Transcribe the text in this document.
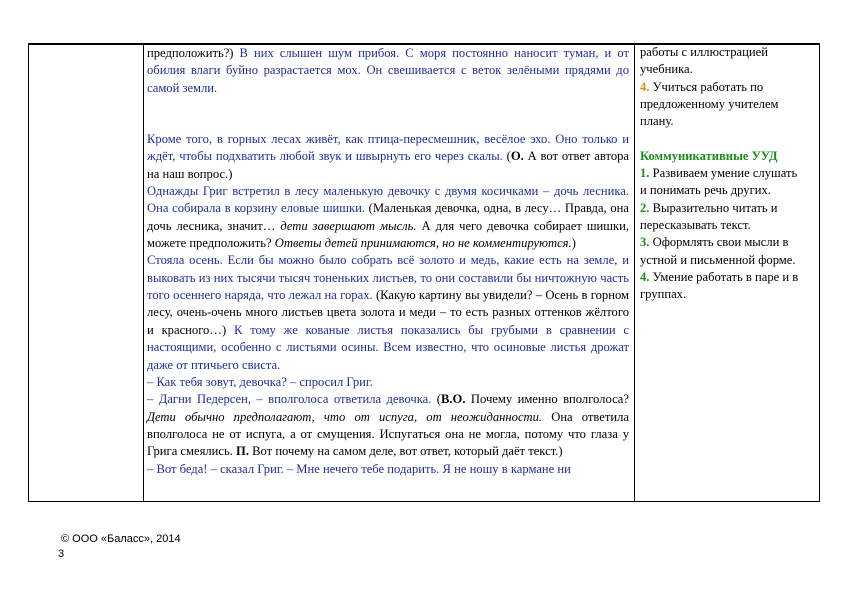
предположить?) В них слышен шум прибоя. С моря постоянно наносит туман, и от обилия влаги буйно разрастается мох. Он свешивается с веток зелёными прядями до самой земли.

Кроме того, в горных лесах живёт, как птица-пересмешник, весёлое эхо. Оно только и ждёт, чтобы подхватить любой звук и швырнуть его через скалы. (О. А вот ответ автора на наш вопрос.)

Однажды Григ встретил в лесу маленькую девочку с двумя косичками – дочь лесника. Она собирала в корзину еловые шишки. (Маленькая девочка, одна, в лесу… Правда, она дочь лесника, значит… дети завершают мысль. А для чего девочка собирает шишки, можете предположить? Ответы детей принимаются, но не комментируются.)

Стояла осень. Если бы можно было собрать всё золото и медь, какие есть на земле, и выковать из них тысячи тысяч тоненьких листьев, то они составили бы ничтожную часть того осеннего наряда, что лежал на горах. (Какую картину вы увидели? – Осень в горном лесу, очень-очень много листьев цвета золота и меди – то есть разных оттенков жёлтого и красного…) К тому же кованые листья показались бы грубыми в сравнении с настоящими, особенно с листьями осины. Всем известно, что осиновые листья дрожат даже от птичьего свиста.

– Как тебя зовут, девочка? – спросил Григ.

– Дагни Педерсен, – вполголоса ответила девочка. (В.О. Почему именно вполголоса? Дети обычно предполагают, что от испуга, от неожиданности. Она ответила вполголоса не от испуга, а от смущения. Испугаться она не могла, потому что глаза у Грига смеялись. П. Вот почему на самом деле, вот ответ, который даёт текст.)

– Вот беда! – сказал Григ. – Мне нечего тебе подарить. Я не ношу в кармане ни

работы с иллюстрацией

учебника.

4. Учиться работать по

предложенному учителем

плану.

Коммуникативные УУД

1. Развиваем умение слушать

и понимать речь других.

2. Выразительно читать и

пересказывать текст.

3. Оформлять свои мысли в

устной и письменной форме.

4. Умение работать в паре и в

группах.

© ООО «Баласс», 2014
3
